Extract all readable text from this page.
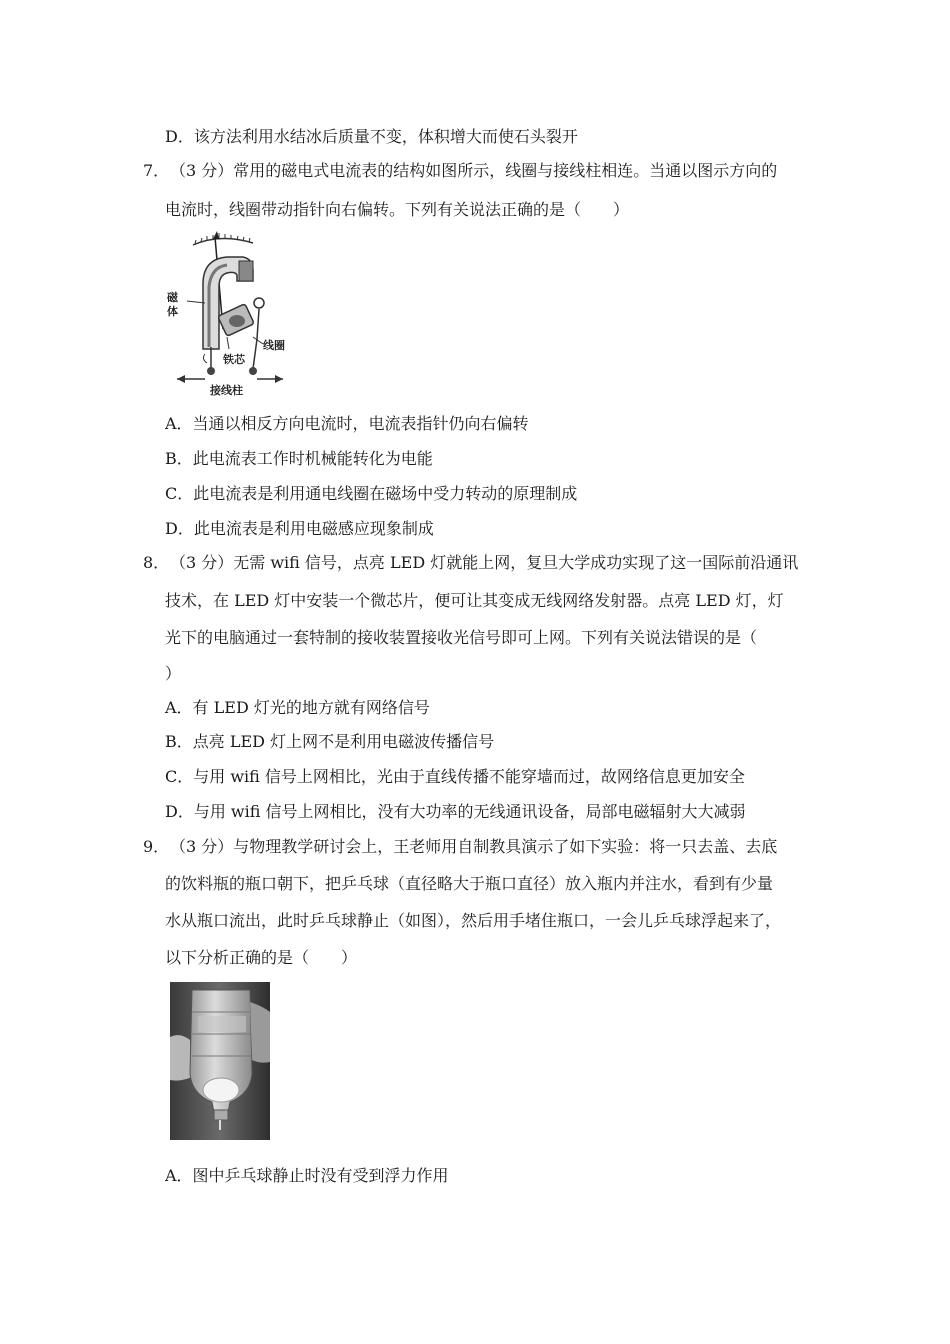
D．该方法利用水结冰后质量不变，体积增大而使石头裂开
7． （3 分）常用的磁电式电流表的结构如图所示，线圈与接线柱相连。当通以图示方向的
电流时，线圈带动指针向右偏转。下列有关说法正确的是（　　）
磁
体
线圈
铁芯
接线柱
A．当通以相反方向电流时，电流表指针仍向右偏转
B．此电流表工作时机械能转化为电能
C．此电流表是利用通电线圈在磁场中受力转动的原理制成
D．此电流表是利用电磁感应现象制成
8． （3 分）无需 wifi 信号，点亮 LED 灯就能上网，复旦大学成功实现了这一国际前沿通讯
技术，在 LED 灯中安装一个微芯片，便可让其变成无线网络发射器。点亮 LED 灯，灯
光下的电脑通过一套特制的接收装置接收光信号即可上网。下列有关说法错误的是（
）
A．有 LED 灯光的地方就有网络信号
B．点亮 LED 灯上网不是利用电磁波传播信号
C．与用 wifi 信号上网相比，光由于直线传播不能穿墙而过，故网络信息更加安全
D．与用 wifi 信号上网相比，没有大功率的无线通讯设备，局部电磁辐射大大减弱
9． （3 分）与物理教学研讨会上，王老师用自制教具演示了如下实验：将一只去盖、去底
的饮料瓶的瓶口朝下，把乒乓球（直径略大于瓶口直径）放入瓶内并注水，看到有少量
水从瓶口流出，此时乒乓球静止（如图），然后用手堵住瓶口，一会儿乒乓球浮起来了，
以下分析正确的是（　　）
A．图中乒乓球静止时没有受到浮力作用
